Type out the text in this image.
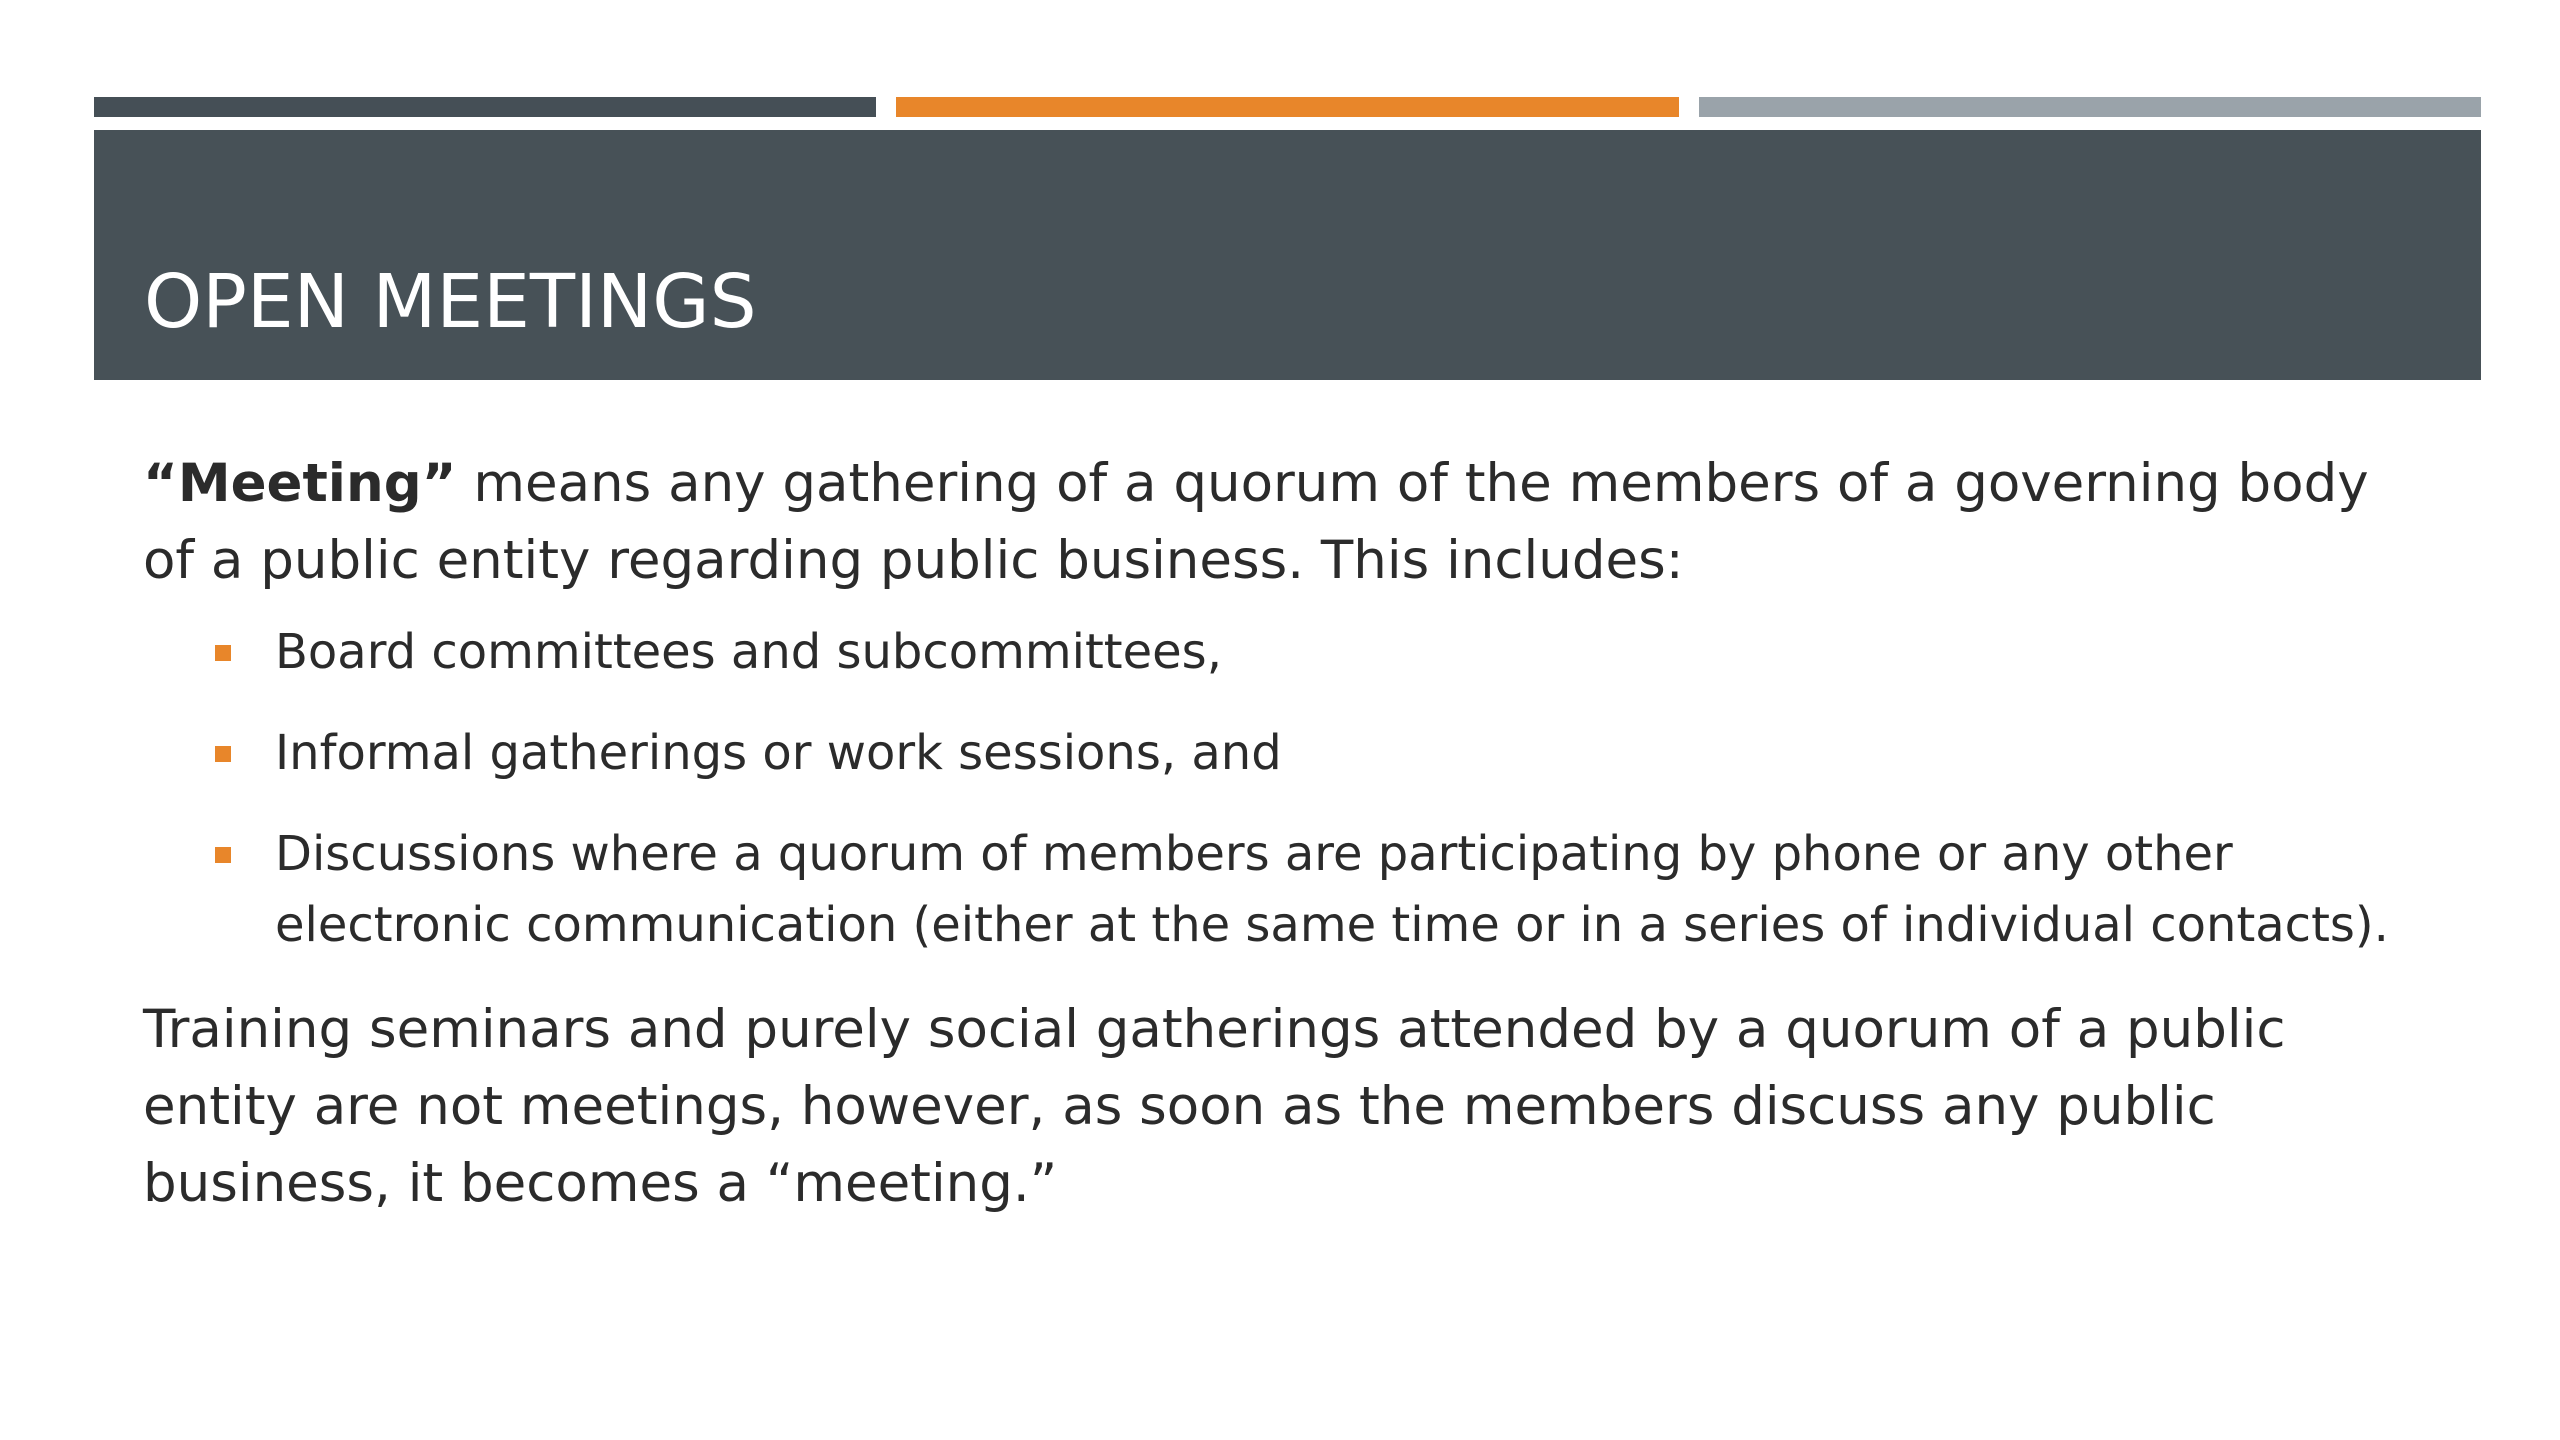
OPEN MEETINGS

“Meeting” means any gathering of a quorum of the members of a governing body of a public entity regarding public business. This includes:

Board committees and subcommittees,
Informal gatherings or work sessions, and
Discussions where a quorum of members are participating by phone or any other electronic communication (either at the same time or in a series of individual contacts).

Training seminars and purely social gatherings attended by a quorum of a public entity are not meetings, however, as soon as the members discuss any public business, it becomes a “meeting.”
